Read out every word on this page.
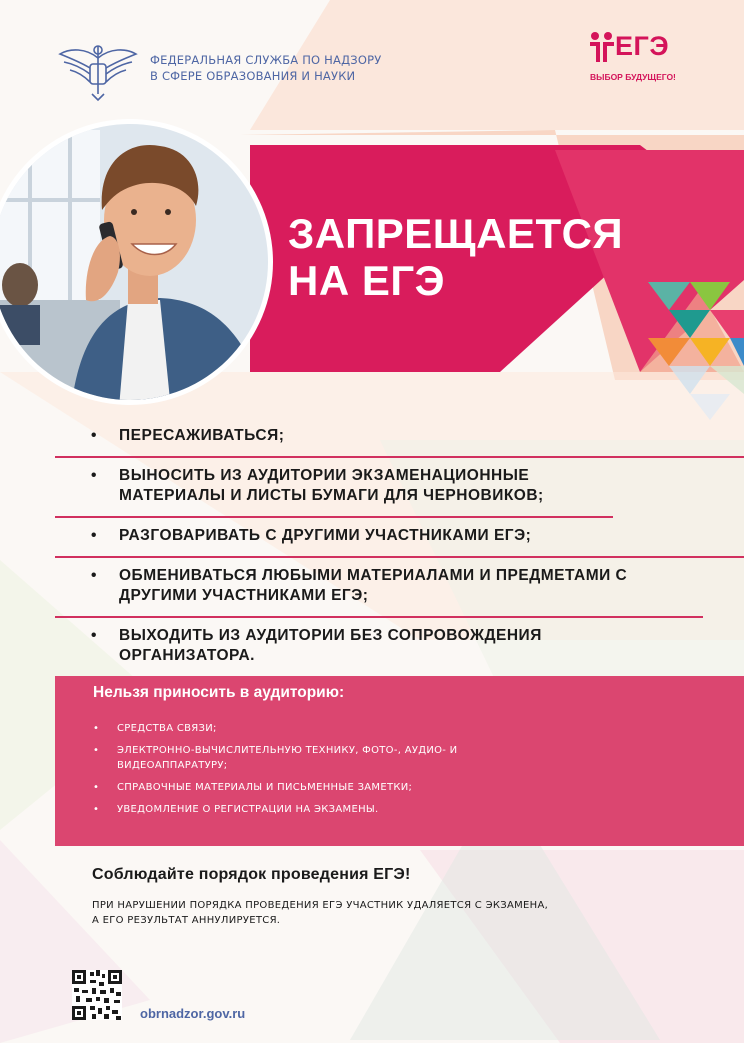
ФЕДЕРАЛЬНАЯ СЛУЖБА ПО НАДЗОРУ
В СФЕРЕ ОБРАЗОВАНИЯ И НАУКИ
ЕГЭ
ВЫБОР БУДУЩЕГО!
ЗАПРЕЩАЕТСЯ
НА ЕГЭ
•	ПЕРЕСАЖИВАТЬСЯ;
•	ВЫНОСИТЬ ИЗ АУДИТОРИИ ЭКЗАМЕНАЦИОННЫЕ МАТЕРИАЛЫ И ЛИСТЫ БУМАГИ ДЛЯ ЧЕРНОВИКОВ;
•	РАЗГОВАРИВАТЬ С ДРУГИМИ УЧАСТНИКАМИ ЕГЭ;
•	ОБМЕНИВАТЬСЯ ЛЮБЫМИ МАТЕРИАЛАМИ И ПРЕДМЕТАМИ С ДРУГИМИ УЧАСТНИКАМИ ЕГЭ;
•	ВЫХОДИТЬ ИЗ АУДИТОРИИ БЕЗ СОПРОВОЖДЕНИЯ ОРГАНИЗАТОРА.
Нельзя приносить в аудиторию:
• СРЕДСТВА СВЯЗИ;
• ЭЛЕКТРОННО-ВЫЧИСЛИТЕЛЬНУЮ ТЕХНИКУ, ФОТО-, АУДИО- И ВИДЕОАППАРАТУРУ;
• СПРАВОЧНЫЕ МАТЕРИАЛЫ И ПИСЬМЕННЫЕ ЗАМЕТКИ;
• УВЕДОМЛЕНИЕ О РЕГИСТРАЦИИ НА ЭКЗАМЕНЫ.
Соблюдайте порядок проведения ЕГЭ!
ПРИ НАРУШЕНИИ ПОРЯДКА ПРОВЕДЕНИЯ ЕГЭ УЧАСТНИК УДАЛЯЕТСЯ С ЭКЗАМЕНА,
А ЕГО РЕЗУЛЬТАТ АННУЛИРУЕТСЯ.
obrnadzor.gov.ru
